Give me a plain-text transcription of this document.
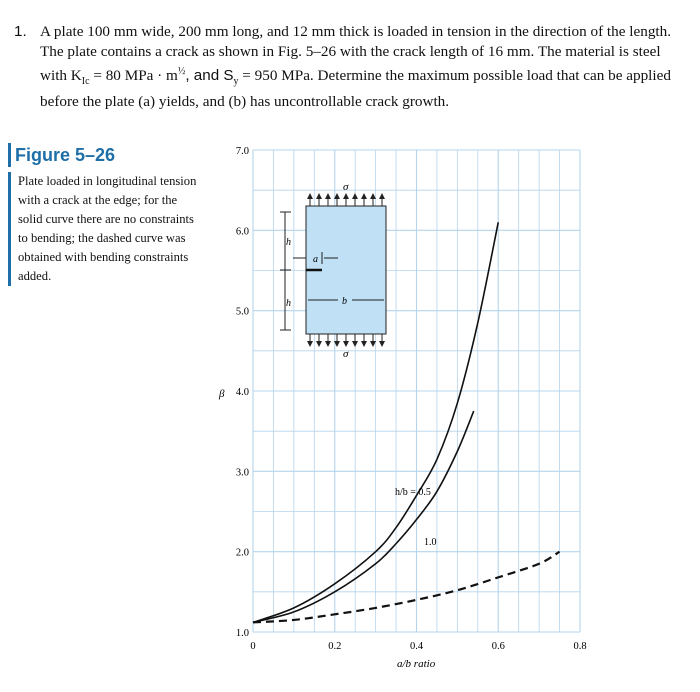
1. A plate 100 mm wide, 200 mm long, and 12 mm thick is loaded in tension in the direction of the length.
The plate contains a crack as shown in Fig. 5–26 with the crack length of 16 mm. The material is steel
with $K_{Ic} = 80$ MPa · $m^{\frac{1}{2}}$, and $S_y = 950$ MPa. Determine the maximum possible load that can be applied
before the plate (a) yields, and (b) has uncontrollable crack growth.
Figure 5–26
Plate loaded in longitudinal tension with a crack at the edge; for the solid curve there are no constraints to bending; the dashed curve was obtained with bending constraints added.
1.0
2.0
3.0
4.0
5.0
6.0
7.0
0	0.2	0.4	0.6	0.8
σ
σ
h
h
a
b
h/b = 0.5
1.0
β
a/b ratio
